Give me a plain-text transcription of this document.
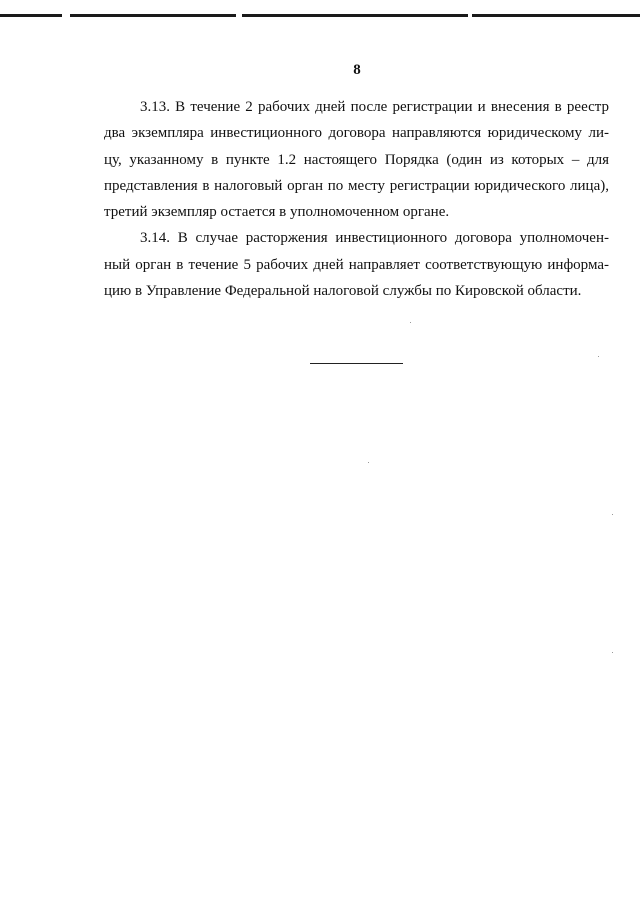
8

3.13. В течение 2 рабочих дней после регистрации и внесения в реестр
два экземпляра инвестиционного договора направляются юридическому ли-
цу, указанному в пункте 1.2 настоящего Порядка (один из которых – для
представления в налоговый орган по месту регистрации юридического лица),
третий экземпляр остается в уполномоченном органе.

3.14. В случае расторжения инвестиционного договора уполномочен-
ный орган в течение 5 рабочих дней направляет соответствующую информа-
цию в Управление Федеральной налоговой службы по Кировской области.
